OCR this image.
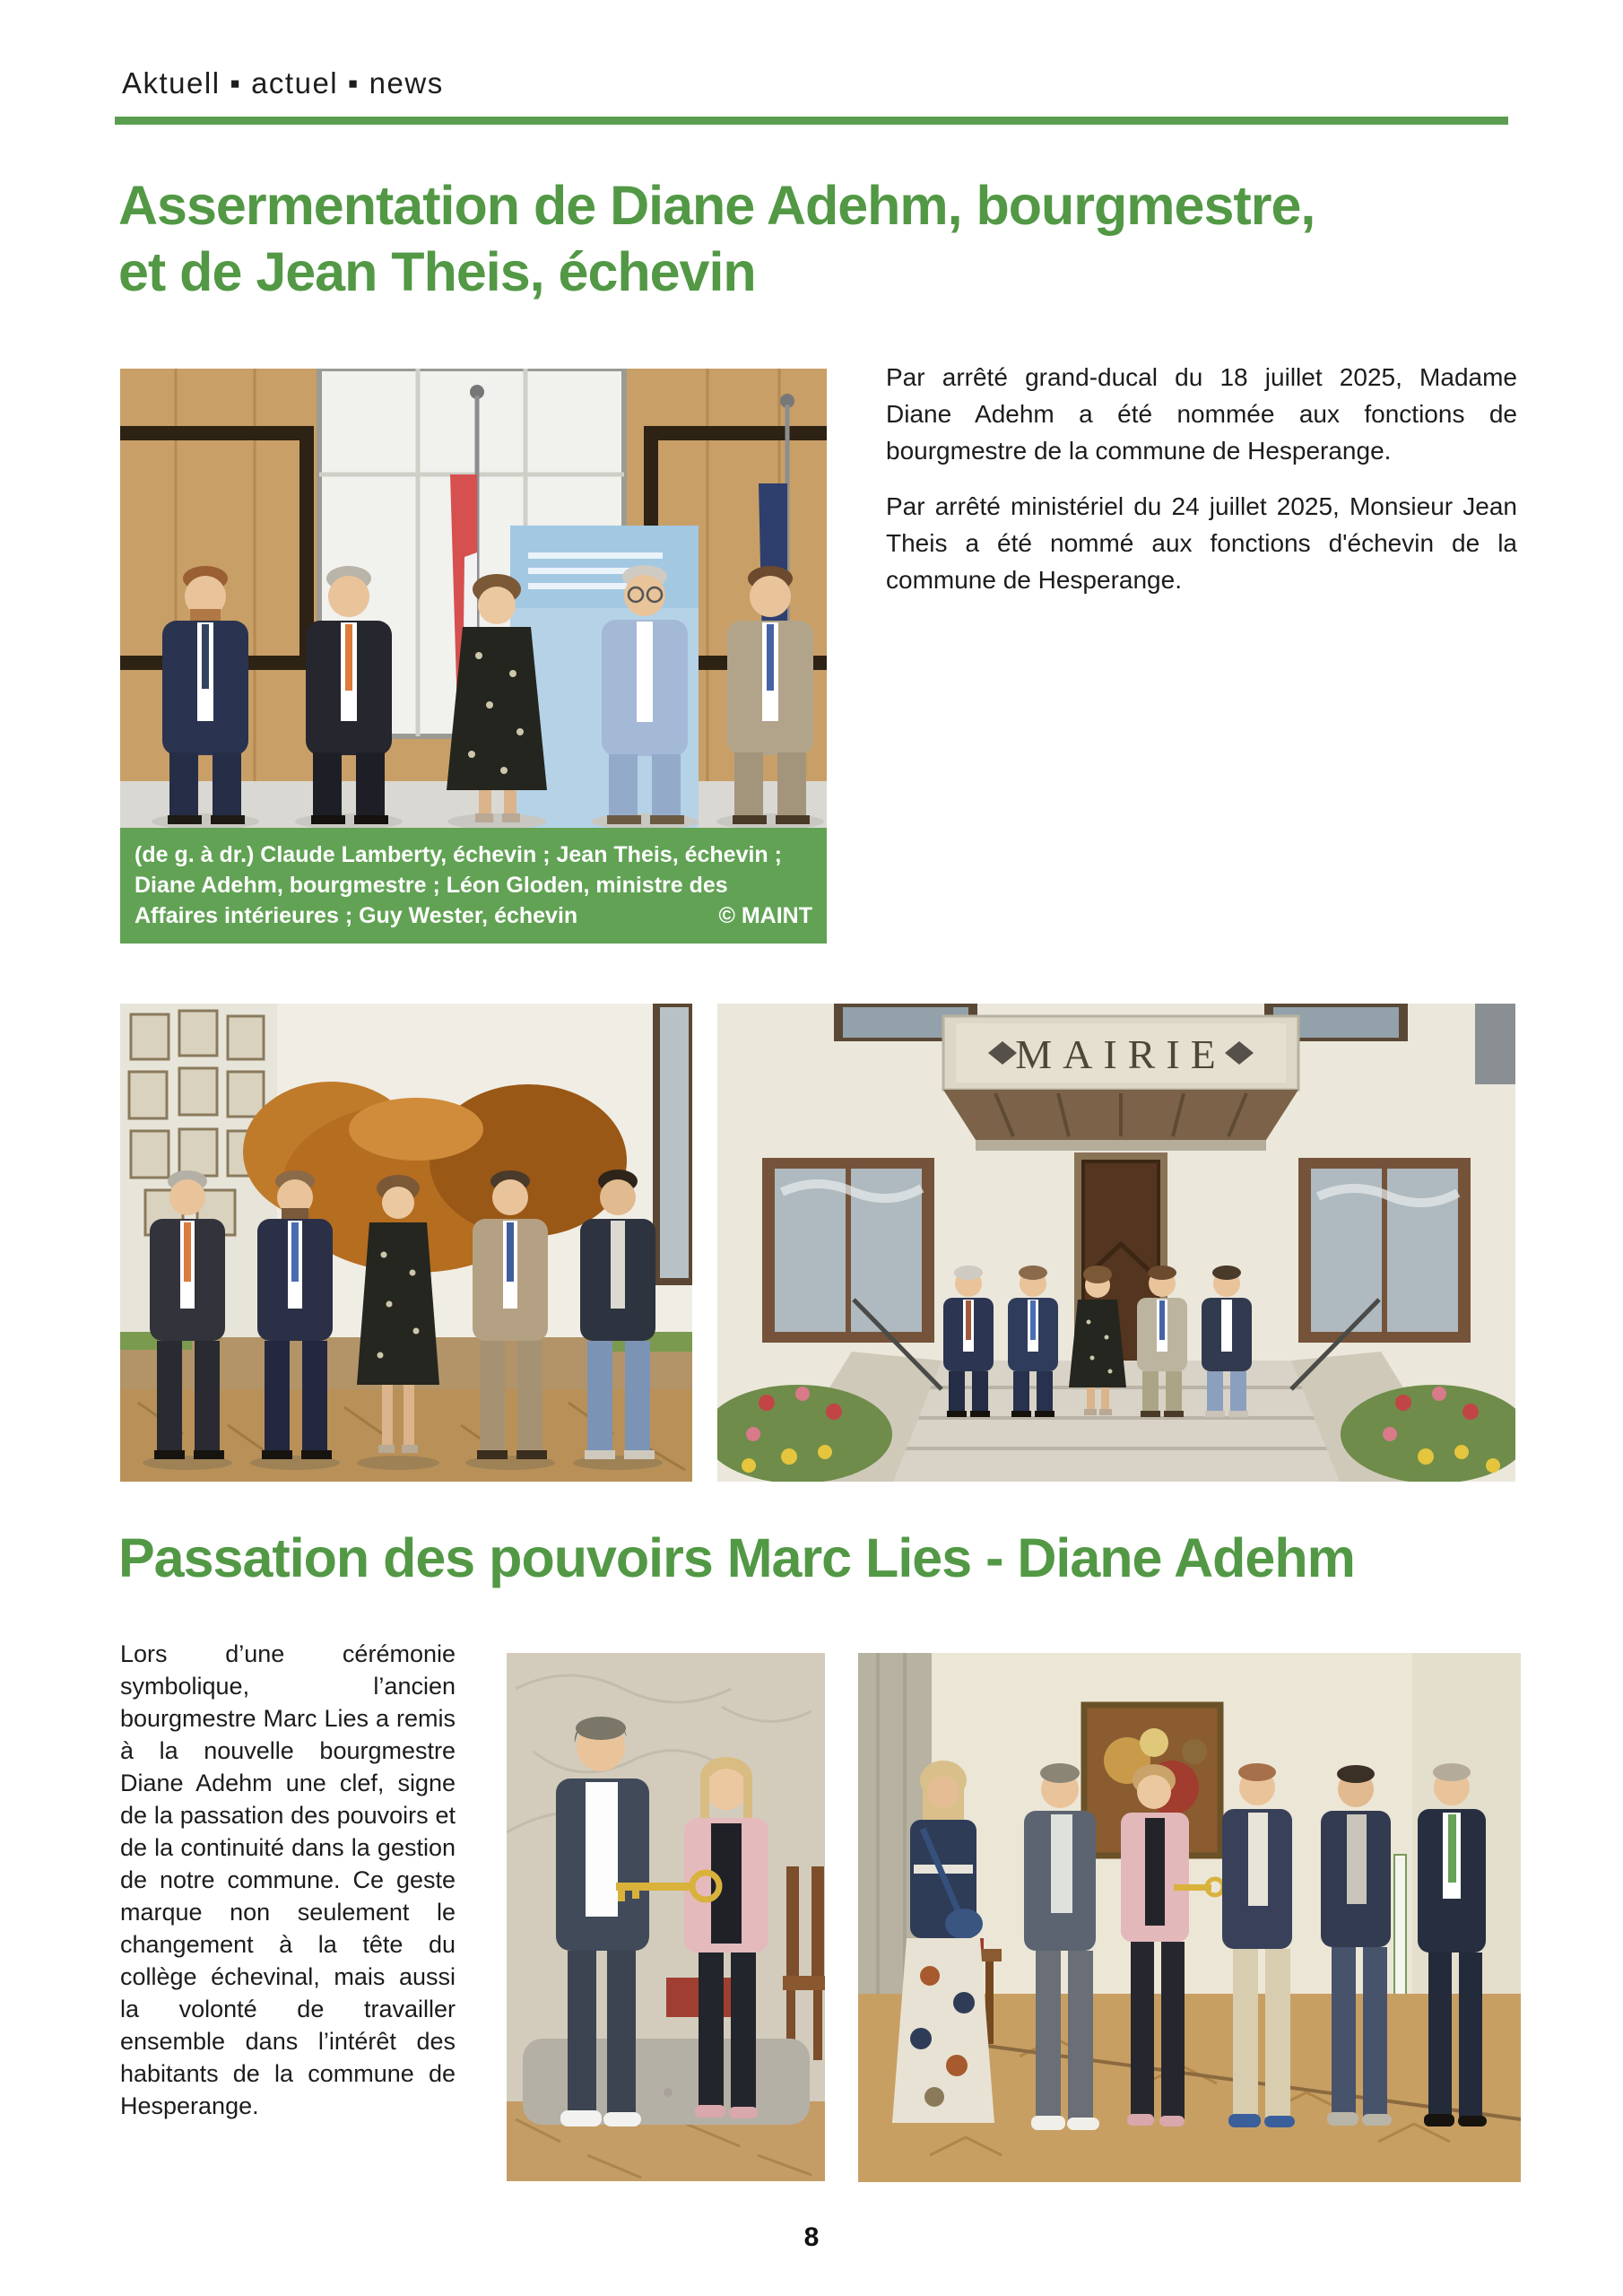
Aktuell ▪ actuel ▪ news
Assermentation de Diane Adehm, bourgmestre,
et de Jean Theis, échevin
(de g. à dr.) Claude Lamberty, échevin ; Jean Theis, échevin ; Diane Adehm, bourgmestre ; Léon Gloden, ministre des Affaires intérieures ; Guy Wester, échevin	© MAINT

Par arrêté grand-ducal du 18 juillet 2025, Madame Diane Adehm a été nommée aux fonctions de bourgmestre de la commune de Hesperange.

Par arrêté ministériel du 24 juillet 2025, Monsieur Jean Theis a été nommé aux fonctions d'échevin de la commune de Hesperange.

MAIRIE
Passation des pouvoirs Marc Lies - Diane Adehm

Lors d’une cérémonie symbolique, l’ancien bourgmestre Marc Lies a remis à la nouvelle bourgmestre Diane Adehm une clef, signe de la passation des pouvoirs et de la continuité dans la gestion de notre commune. Ce geste marque non seulement le changement à la tête du collège échevinal, mais aussi la volonté de travailler ensemble dans l’intérêt des habitants de la commune de Hesperange.

8
